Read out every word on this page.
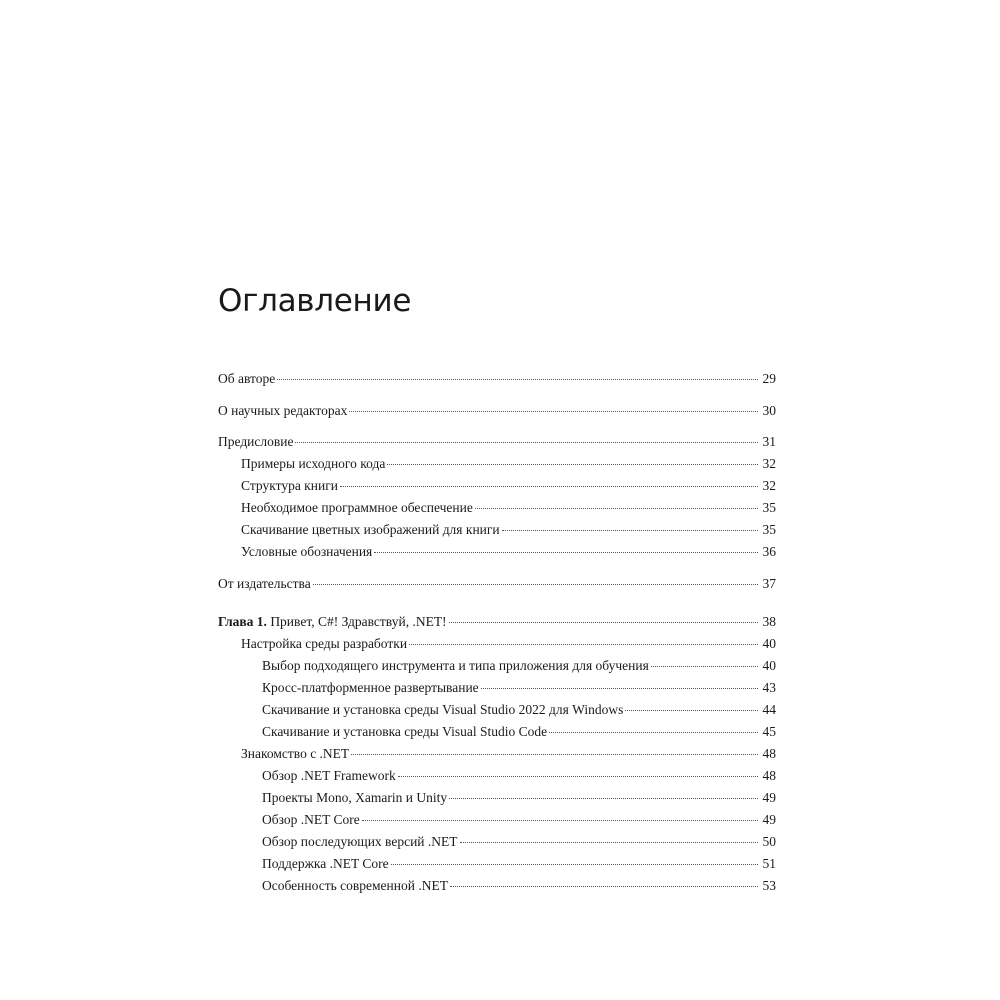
Оглавление
Об авторе	29
О научных редакторах	30
Предисловие	31
Примеры исходного кода	32
Структура книги	32
Необходимое программное обеспечение	35
Скачивание цветных изображений для книги	35
Условные обозначения	36
От издательства	37
Глава 1. Привет, C#! Здравствуй, .NET!	38
Настройка среды разработки	40
Выбор подходящего инструмента и типа приложения для обучения	40
Кросс-платформенное развертывание	43
Скачивание и установка среды Visual Studio 2022 для Windows	44
Скачивание и установка среды Visual Studio Code	45
Знакомство с .NET	48
Обзор .NET Framework	48
Проекты Mono, Xamarin и Unity	49
Обзор .NET Core	49
Обзор последующих версий .NET	50
Поддержка .NET Core	51
Особенность современной .NET	53
